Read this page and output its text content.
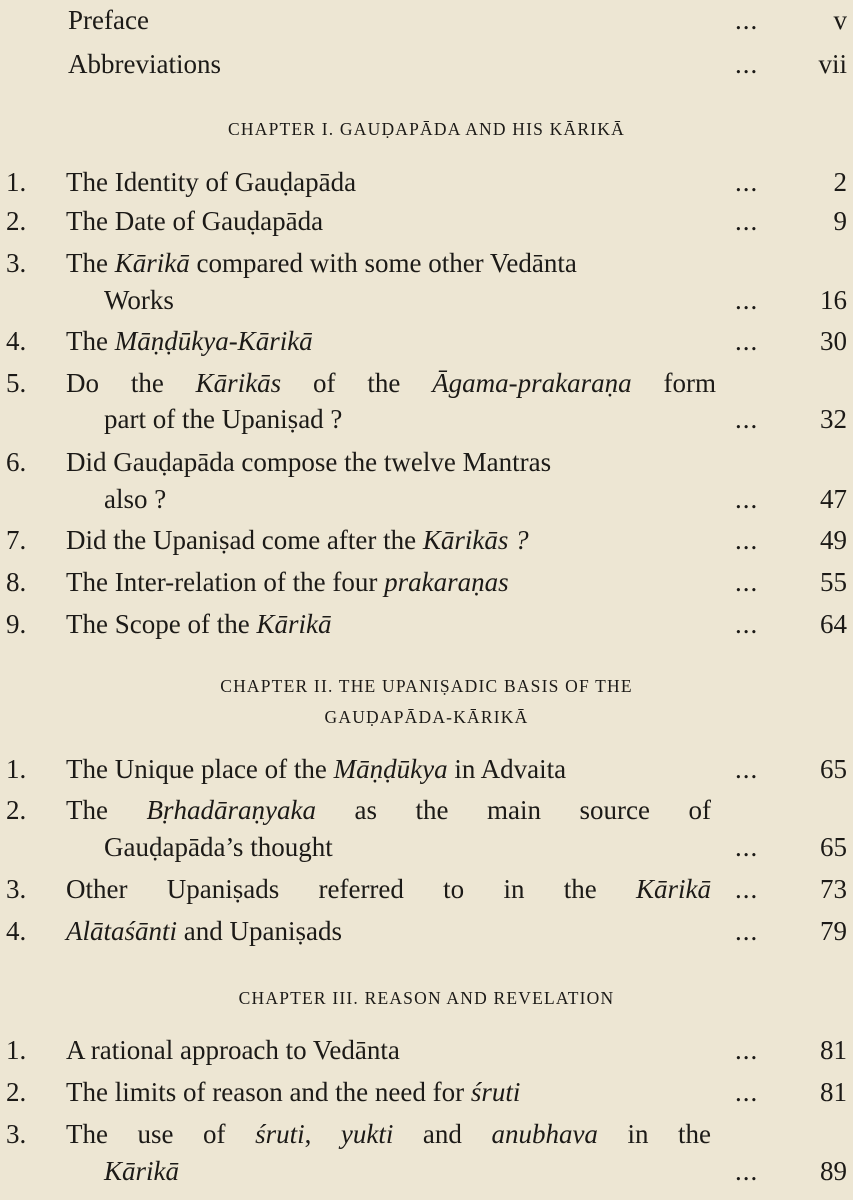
Preface	...	v
Abbreviations	... vii
CHAPTER I. GAUḌAPĀDA AND HIS KĀRIKĀ
1. The Identity of Gauḍapāda	...	2
2. The Date of Gauḍapāda	...	9
3. The Kārikā compared with some other Vedānta
Works	... 16
4. The Māṇḍūkya-Kārikā	... 30
5. Do the Kārikās of the Āgama-prakaraṇa form
part of the Upaniṣad ?	... 32
6. Did Gauḍapāda compose the twelve Mantras
also ?	... 47
7. Did the Upaniṣad come after the Kārikās ?	... 49
8. The Inter-relation of the four prakaraṇas	... 55
9. The Scope of the Kārikā	... 64
CHAPTER II. THE UPANIṢADIC BASIS OF THE
GAUḌAPĀDA-KĀRIKĀ
1. The Unique place of the Māṇḍūkya in Advaita	... 65
2. The Bṛhadāraṇyaka as the main source of
Gauḍapāda’s thought	... 65
3. Other Upaniṣads referred to in the Kārikā ... 73
4. Alātaśānti and Upaniṣads	... 79
CHAPTER III. REASON AND REVELATION
1. A rational approach to Vedānta	... 81
2. The limits of reason and the need for śruti	... 81
3. The use of śruti, yukti and anubhava in the
Kārikā	... 89
